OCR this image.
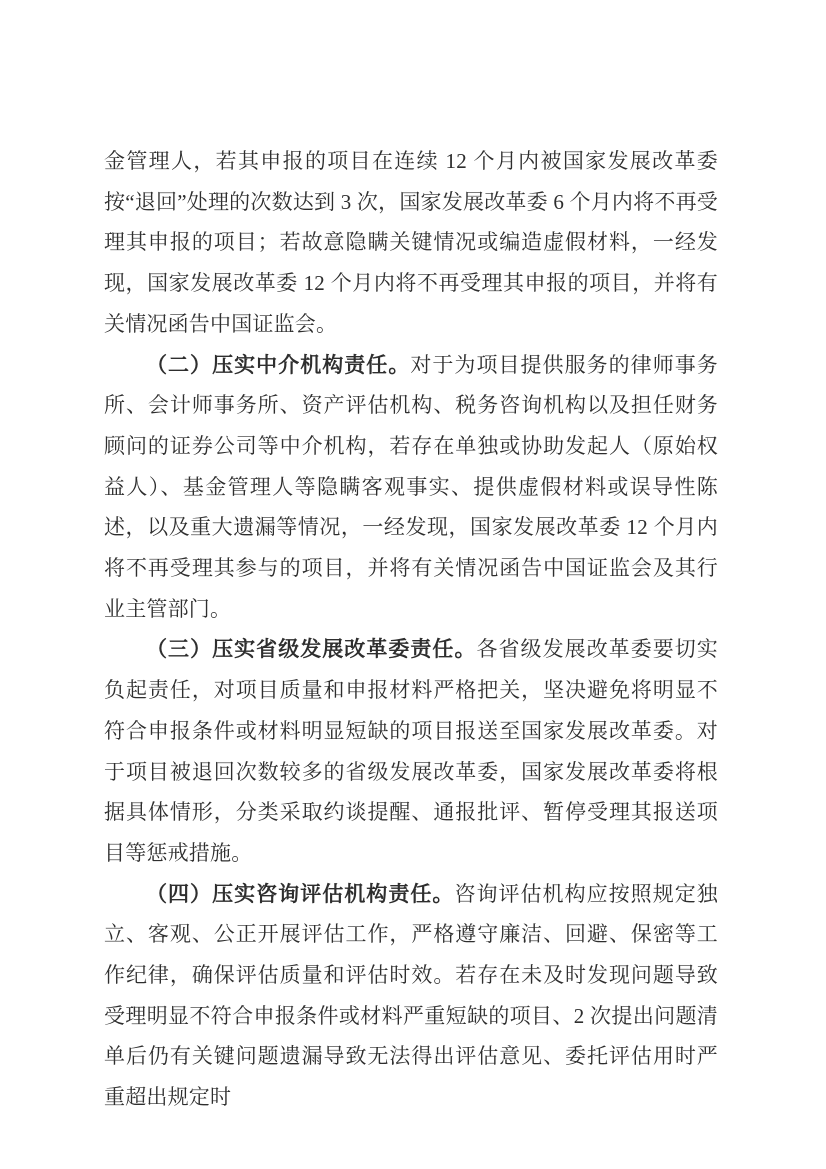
金管理人，若其申报的项目在连续 12 个月内被国家发展改革委按“退回”处理的次数达到 3 次，国家发展改革委 6 个月内将不再受理其申报的项目；若故意隐瞒关键情况或编造虚假材料，一经发现，国家发展改革委 12 个月内将不再受理其申报的项目，并将有关情况函告中国证监会。

（二）压实中介机构责任。对于为项目提供服务的律师事务所、会计师事务所、资产评估机构、税务咨询机构以及担任财务顾问的证券公司等中介机构，若存在单独或协助发起人（原始权益人）、基金管理人等隐瞒客观事实、提供虚假材料或误导性陈述，以及重大遗漏等情况，一经发现，国家发展改革委 12 个月内将不再受理其参与的项目，并将有关情况函告中国证监会及其行业主管部门。

（三）压实省级发展改革委责任。各省级发展改革委要切实负起责任，对项目质量和申报材料严格把关，坚决避免将明显不符合申报条件或材料明显短缺的项目报送至国家发展改革委。对于项目被退回次数较多的省级发展改革委，国家发展改革委将根据具体情形，分类采取约谈提醒、通报批评、暂停受理其报送项目等惩戒措施。

（四）压实咨询评估机构责任。咨询评估机构应按照规定独立、客观、公正开展评估工作，严格遵守廉洁、回避、保密等工作纪律，确保评估质量和评估时效。若存在未及时发现问题导致受理明显不符合申报条件或材料严重短缺的项目、2 次提出问题清单后仍有关键问题遗漏导致无法得出评估意见、委托评估用时严重超出规定时
